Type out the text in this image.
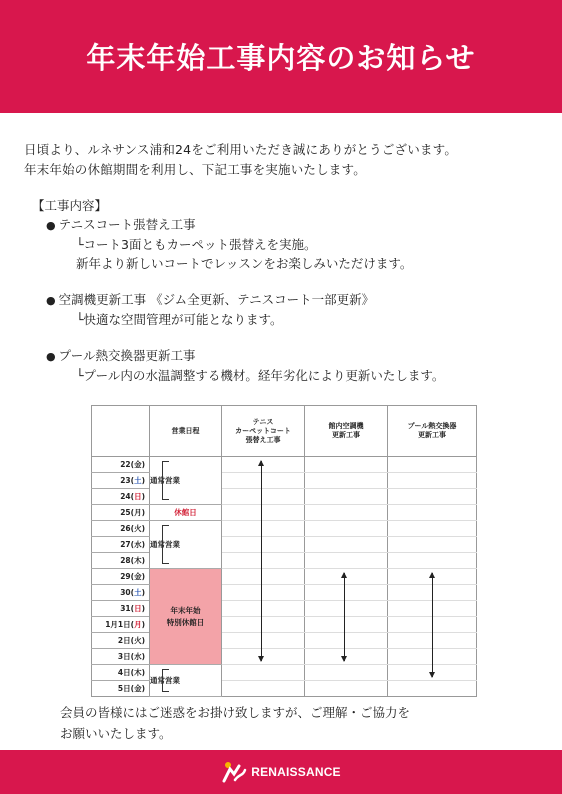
年末年始工事内容のお知らせ
日頃より、ルネサンス浦和24をご利用いただき誠にありがとうございます。
年末年始の休館期間を利用し、下記工事を実施いたします。
【工事内容】
● テニスコート張替え工事
└コート3面ともカーペット張替えを実施。
新年より新しいコートでレッスンをお楽しみいただけます。
● 空調機更新工事 《ジム全更新、テニスコート一部更新》
└快適な空間管理が可能となります。
● プール熱交換器更新工事
└プール内の水温調整する機材。経年劣化により更新いたします。
	営業日程	テニス
カーペットコート
張替え工事	館内空調機
更新工事	プール熱交換器
更新工事
22(金)	通常営業

23(土)				
24(日)				
25(月)	休館日			
26(火)	通常営業

27(水)				
28(木)				
29(金)	年末年始
特別休館日			

30(土)				
31(日)				
1月1日(月)				
2日(火)				
3日(水)				
4日(木)	通常営業

5日(金)				
会員の皆様にはご迷惑をお掛け致しますが、ご理解・ご協力を
お願いいたします。
RENAISSANCE
